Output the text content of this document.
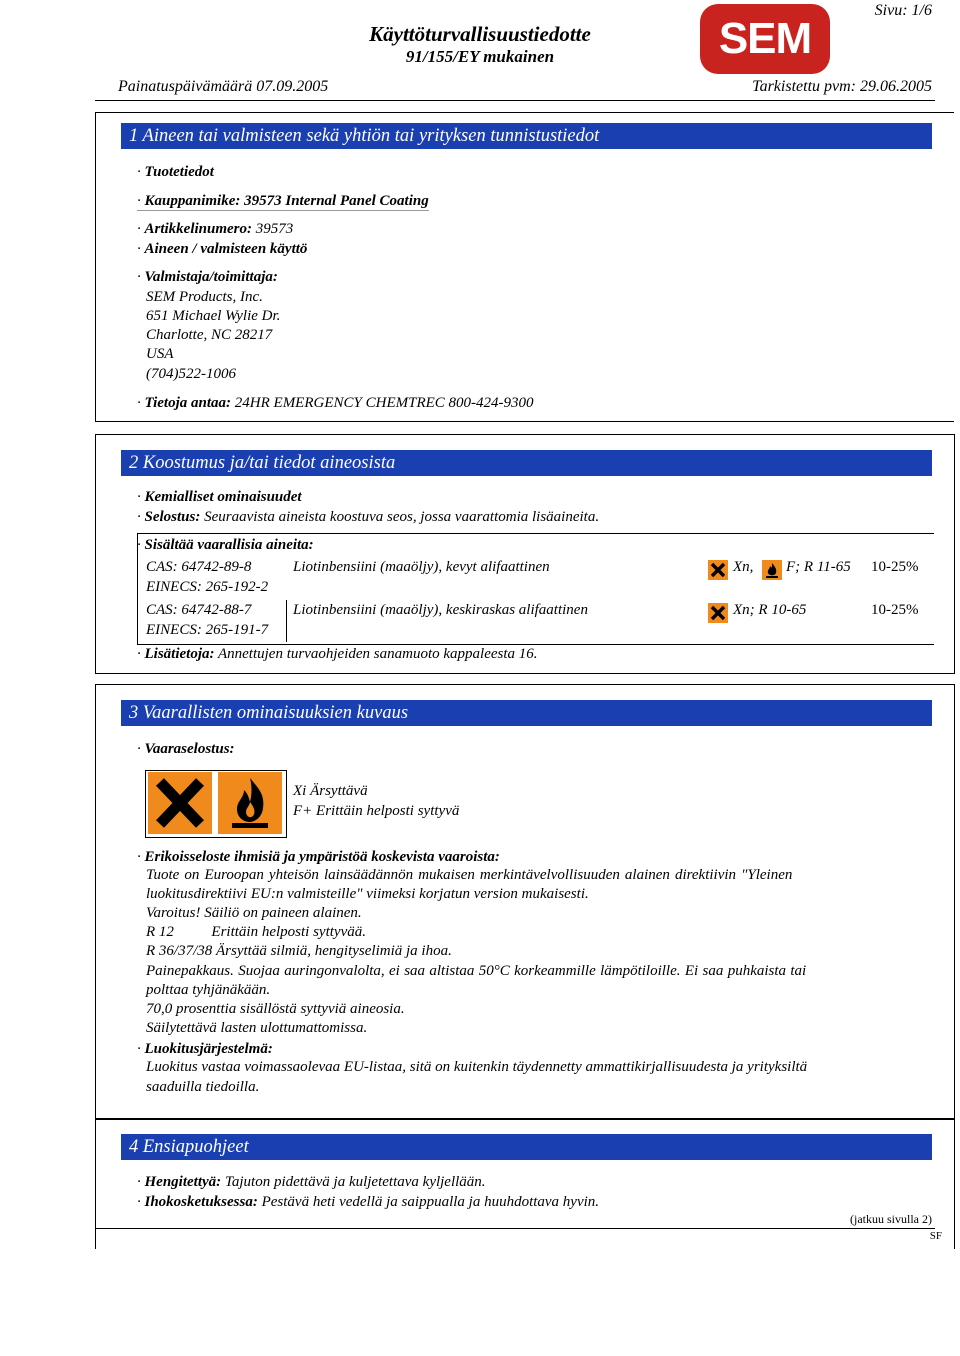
Käyttöturvallisuustiedotte
91/155/EY mukainen
Sivu: 1/6
SEM
Painatuspäivämäärä 07.09.2005	Tarkistettu pvm: 29.06.2005
1 Aineen tai valmisteen sekä yhtiön tai yrityksen tunnistustiedot
· Tuotetiedot
· Kauppanimike: 39573 Internal Panel Coating
· Artikkelinumero: 39573
· Aineen / valmisteen käyttö
· Valmistaja/toimittaja:
SEM Products, Inc.
651 Michael Wylie Dr.
Charlotte, NC 28217
USA
(704)522-1006
· Tietoja antaa: 24HR EMERGENCY CHEMTREC 800-424-9300
2 Koostumus ja/tai tiedot aineosista
· Kemialliset ominaisuudet
· Selostus: Seuraavista aineista koostuva seos, jossa vaarattomia lisäaineita.
· Sisältää vaarallisia aineita:
CAS: 64742-89-8
EINECS: 265-192-2
Liotinbensiini (maaöljy), kevyt alifaattinen	Xn, F; R 11-65 10-25%
CAS: 64742-88-7
EINECS: 265-191-7
Liotinbensiini (maaöljy), keskiraskas alifaattinen	Xn; R 10-65	10-25%
· Lisätietoja: Annettujen turvaohjeiden sanamuoto kappaleesta 16.
3 Vaarallisten ominaisuuksien kuvaus
· Vaaraselostus:
Xi Ärsyttävä
F+ Erittäin helposti syttyvä
· Erikoisseloste ihmisiä ja ympäristöä koskevista vaaroista:
Tuote on Euroopan yhteisön lainsäädännön mukaisen merkintävelvollisuuden alainen direktiivin "Yleinen
luokitusdirektiivi EU:n valmisteille" viimeksi korjatun version mukaisesti.
Varoitus! Säiliö on paineen alainen.
R 12          Erittäin helposti syttyvää.
R 36/37/38 Ärsyttää silmiä, hengityselimiä ja ihoa.
Painepakkaus. Suojaa auringonvalolta, ei saa altistaa 50°C korkeammille lämpötiloille. Ei saa puhkaista tai
polttaa tyhjänäkään.
70,0 prosenttia sisällöstä syttyviä aineosia.
Säilytettävä lasten ulottumattomissa.
· Luokitusjärjestelmä:
Luokitus vastaa voimassaolevaa EU-listaa, sitä on kuitenkin täydennetty ammattikirjallisuudesta ja yrityksiltä
saaduilla tiedoilla.
4 Ensiapuohjeet
· Hengitettyä: Tajuton pidettävä ja kuljetettava kyljellään.
· Ihokosketuksessa: Pestävä heti vedellä ja saippualla ja huuhdottava hyvin.
(jatkuu sivulla 2)
SF
